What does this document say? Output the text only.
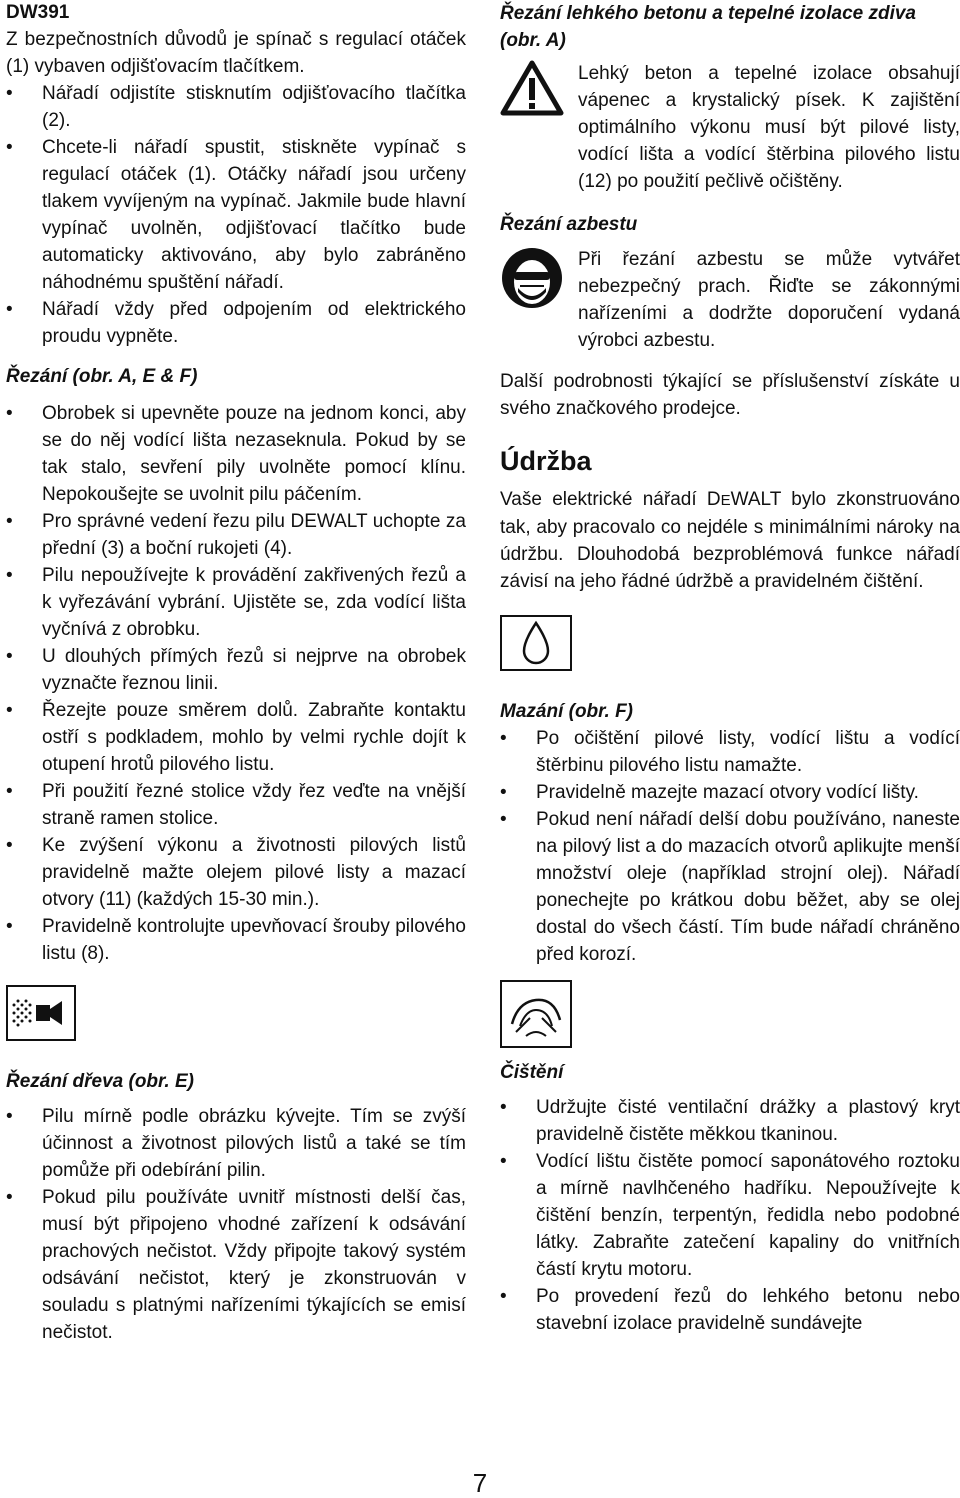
DW391

Z bezpečnostních důvodů je spínač s regulací otáček (1) vybaven odjišťovacím tlačítkem.

• Nářadí odjistíte stisknutím odjišťovacího tlačítka (2).
• Chcete-li nářadí spustit, stiskněte vypínač s regulací otáček (1). Otáčky nářadí jsou určeny tlakem vyvíjeným na vypínač. Jakmile bude hlavní vypínač uvolněn, odjišťovací tlačítko bude automaticky aktivováno, aby bylo zabráněno náhodnému spuštění nářadí.
• Nářadí vždy před odpojením od elektrického proudu vypněte.
Řezání (obr. A, E & F)
• Obrobek si upevněte pouze na jednom konci, aby se do něj vodící lišta nezaseknula. Pokud by se tak stalo, sevření pily uvolněte pomocí klínu. Nepokoušejte se uvolnit pilu páčením.
• Pro správné vedení řezu pilu DEWALT uchopte za přední (3) a boční rukojeti (4).
• Pilu nepoužívejte k provádění zakřivených řezů a k vyřezávání vybrání. Ujistěte se, zda vodící lišta vyčnívá z obrobku.
• U dlouhých přímých řezů si nejprve na obrobek vyznačte řeznou linii.
• Řezejte pouze směrem dolů. Zabraňte kontaktu ostří s podkladem, mohlo by velmi rychle dojít k otupení hrotů pilového listu.
• Při použití řezné stolice vždy řez veďte na vnější straně ramen stolice.
• Ke zvýšení výkonu a životnosti pilových listů pravidelně mažte olejem pilové listy a mazací otvory (11) (každých 15-30 min.).
• Pravidelně kontrolujte upevňovací šrouby pilového listu (8).
Řezání dřeva (obr. E)
• Pilu mírně podle obrázku kývejte. Tím se zvýší účinnost a životnost pilových listů a také se tím pomůže při odebírání pilin.
• Pokud pilu používáte uvnitř místnosti delší čas, musí být připojeno vhodné zařízení k odsávání prachových nečistot. Vždy připojte takový systém odsávání nečistot, který je zkonstruován v souladu s platnými nařízeními týkajících se emisí nečistot.
Řezání lehkého betonu a tepelné izolace zdiva (obr. A)

Lehký beton a tepelné izolace obsahují vápenec a krystalický písek. K zajištění optimálního výkonu musí být pilové listy, vodící lišta a vodící štěrbina pilového listu (12) po použití pečlivě očištěny.

Řezání azbestu

Při řezání azbestu se může vytvářet nebezpečný prach. Řiďte se zákonnými nařízeními a dodržte doporučení vydaná výrobci azbestu.

Další podrobnosti týkající se příslušenství získáte u svého značkového prodejce.

Údržba

Vaše elektrické nářadí DEWALT bylo zkonstruováno tak, aby pracovalo co nejdéle s minimálními nároky na údržbu. Dlouhodobá bezproblémová funkce nářadí závisí na jeho řádné údržbě a pravidelném čištění.

Mazání (obr. F)
• Po očištění pilové listy, vodící lištu a vodící štěrbinu pilového listu namažte.
• Pravidelně mazejte mazací otvory vodící lišty.
• Pokud není nářadí delší dobu používáno, naneste na pilový list a do mazacích otvorů aplikujte menší množství oleje (například strojní olej). Nářadí ponechejte po krátkou dobu běžet, aby se olej dostal do všech částí. Tím bude nářadí chráněno před korozí.
Čištění
• Udržujte čisté ventilační drážky a plastový kryt pravidelně čistěte měkkou tkaninou.
• Vodící lištu čistěte pomocí saponátového roztoku a mírně navlhčeného hadříku. Nepoužívejte k čištění benzín, terpentýn, ředidla nebo podobné látky. Zabraňte zatečení kapaliny do vnitřních částí krytu motoru.
• Po provedení řezů do lehkého betonu nebo stavební izolace pravidelně sundávejte
7
